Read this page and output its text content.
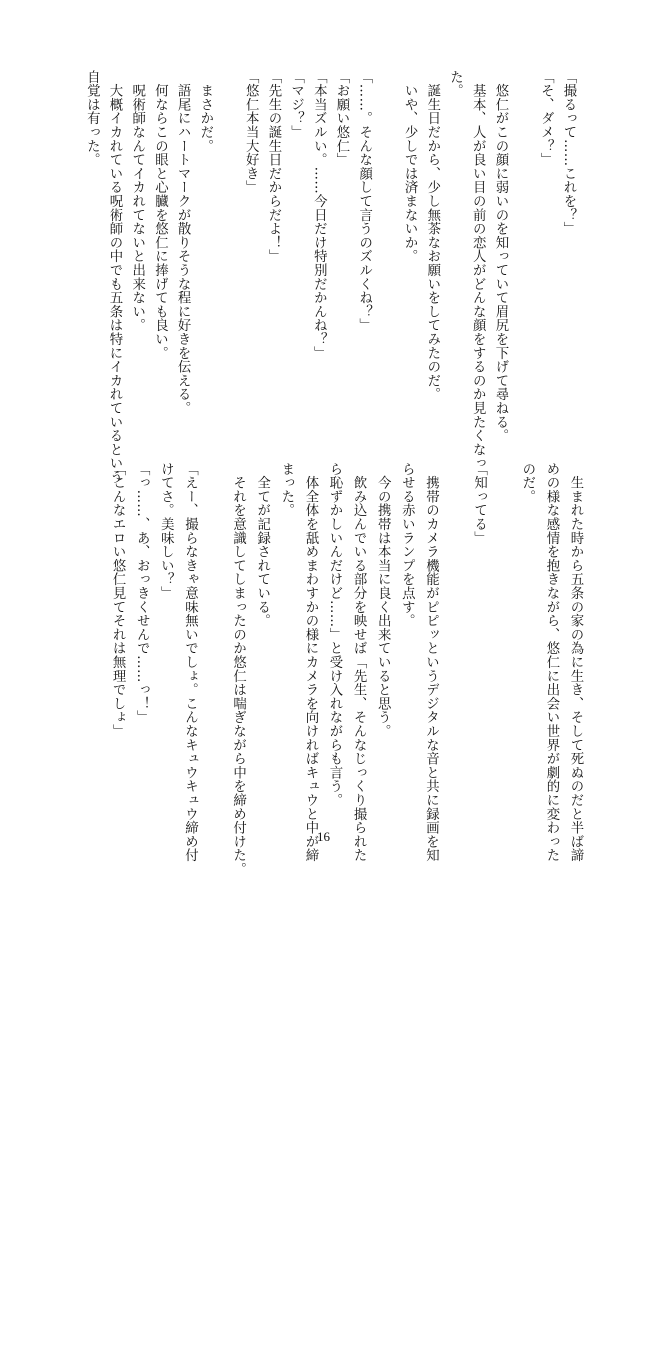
「撮るって……これを？」
「そ、ダメ？」
　悠仁がこの顔に弱いのを知っていて眉尻を下げて尋ねる。
　基本、人が良い目の前の恋人がどんな顔をするのか見たくなっ
た。
　誕生日だから、少し無茶なお願いをしてみたのだ。
　いや、少しでは済まないか。
「……。そんな顔して言うのズルくね？」
「お願い悠仁」
「本当ズルい。……今日だけ特別だかんね？」
「マジ？」
「先生の誕生日だからだよ！」
「悠仁本当大好き」
　まさかだ。
　語尾にハートマークが散りそうな程に好きを伝える。
　何ならこの眼と心臓を悠仁に捧げても良い。
　呪術師なんてイカれてないと出来ない。
　大概イカれている呪術師の中でも五条は特にイカれているという
自覚は有った。
　生まれた時から五条の家の為に生き、そして死ぬのだと半ば諦
めの様な感情を抱きながら、悠仁に出会い世界が劇的に変わった
のだ。
「知ってる」
　携帯のカメラ機能がピピッというデジタルな音と共に録画を知
らせる赤いランプを点す。
　今の携帯は本当に良く出来ていると思う。
　飲み込んでいる部分を映せば「先生、そんなじっくり撮られた
ら恥ずかしいんだけど……」と受け入れながらも言う。
　体全体を舐めまわすかの様にカメラを向ければキュウと中が締
まった。
　全てが記録されている。
　それを意識してしまったのか悠仁は喘ぎながら中を締め付けた。
「えー、撮らなきゃ意味無いでしょ。こんなキュウキュウ締め付
けてさ。美味しい？」
「っ……、あ、おっきくせんで……っ！」
「こんなエロい悠仁見てそれは無理でしょ」
16
